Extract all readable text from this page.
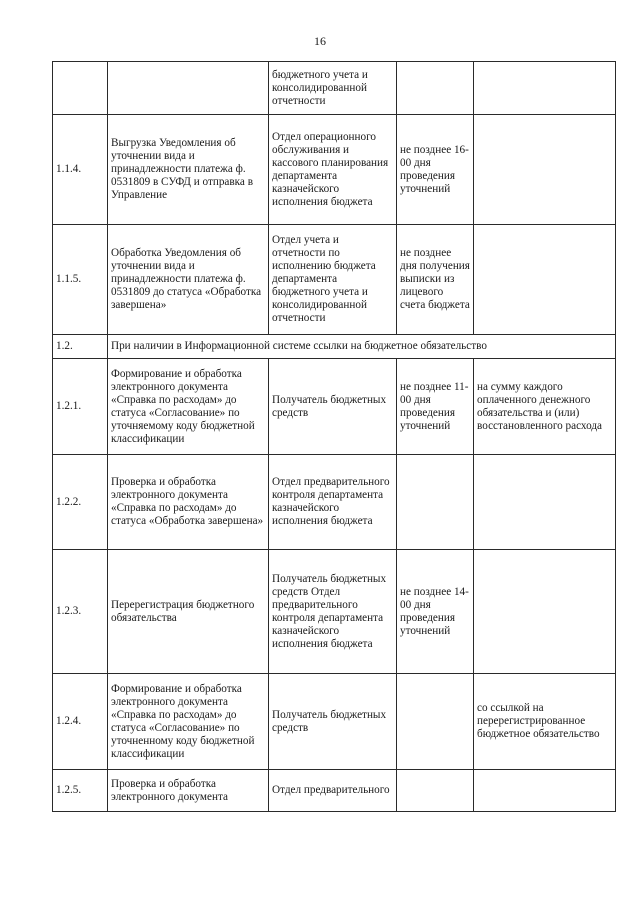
16
		бюджетного учета и консолидированной отчетности		
1.1.4.	Выгрузка Уведомления об уточнении вида и принадлежности платежа ф. 0531809 в СУФД и отправка в Управление	Отдел операционного обслуживания и кассового планирования департамента казначейского исполнения бюджета	не позднее 16-00 дня проведения уточнений	
1.1.5.	Обработка Уведомления об уточнении вида и принадлежности платежа ф. 0531809 до статуса «Обработка завершена»	Отдел учета и отчетности по исполнению бюджета департамента бюджетного учета и консолидированной отчетности	не позднее дня получения выписки из лицевого счета бюджета	
1.2.	При наличии в Информационной системе ссылки на бюджетное обязательство			
1.2.1.	Формирование и обработка электронного документа «Справка по расходам» до статуса «Согласование» по уточняемому коду бюджетной классификации	Получатель бюджетных средств	не позднее 11-00 дня проведения уточнений	на сумму каждого оплаченного денежного обязательства и (или) восстановленного расхода
1.2.2.	Проверка и обработка электронного документа «Справка по расходам» до статуса «Обработка завершена»	Отдел предварительного контроля департамента казначейского исполнения бюджета		
1.2.3.	Перерегистрация бюджетного обязательства	Получатель бюджетных средств Отдел предварительного контроля департамента казначейского исполнения бюджета	не позднее 14-00 дня проведения уточнений	
1.2.4.	Формирование и обработка электронного документа «Справка по расходам» до статуса «Согласование» по уточненному коду бюджетной классификации	Получатель бюджетных средств		со ссылкой на перерегистрированное бюджетное обязательство
1.2.5.	Проверка и обработка электронного документа	Отдел предварительного		
